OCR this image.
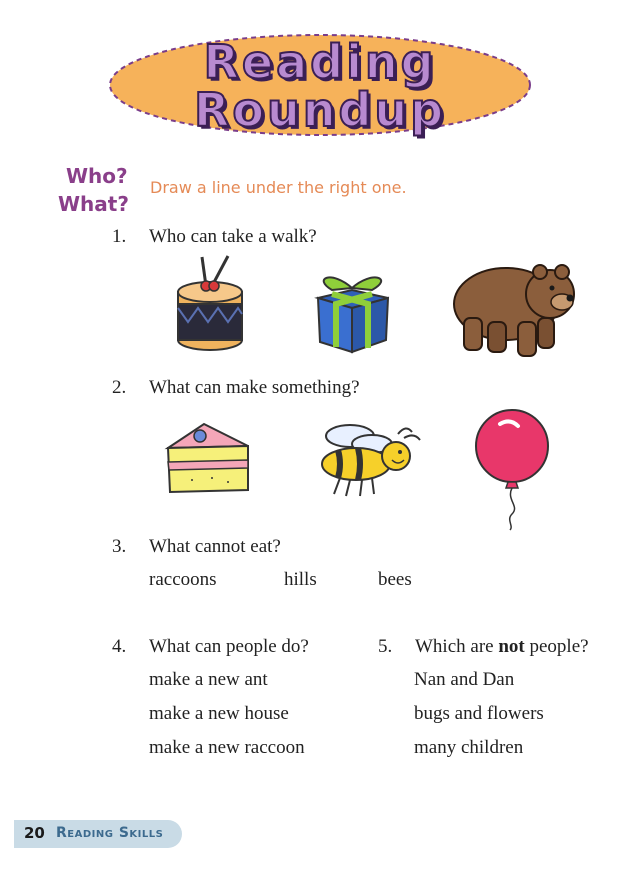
Reading
Roundup
Who?
What?
Draw a line under the right one.
1. Who can take a walk?
2. What can make something?
3. What cannot eat?
raccoons	hills	bees
4. What can people do?
make a new ant
make a new house
make a new raccoon
5. Which are not people?
Nan and Dan
bugs and flowers
many children
20 Reading Skills
